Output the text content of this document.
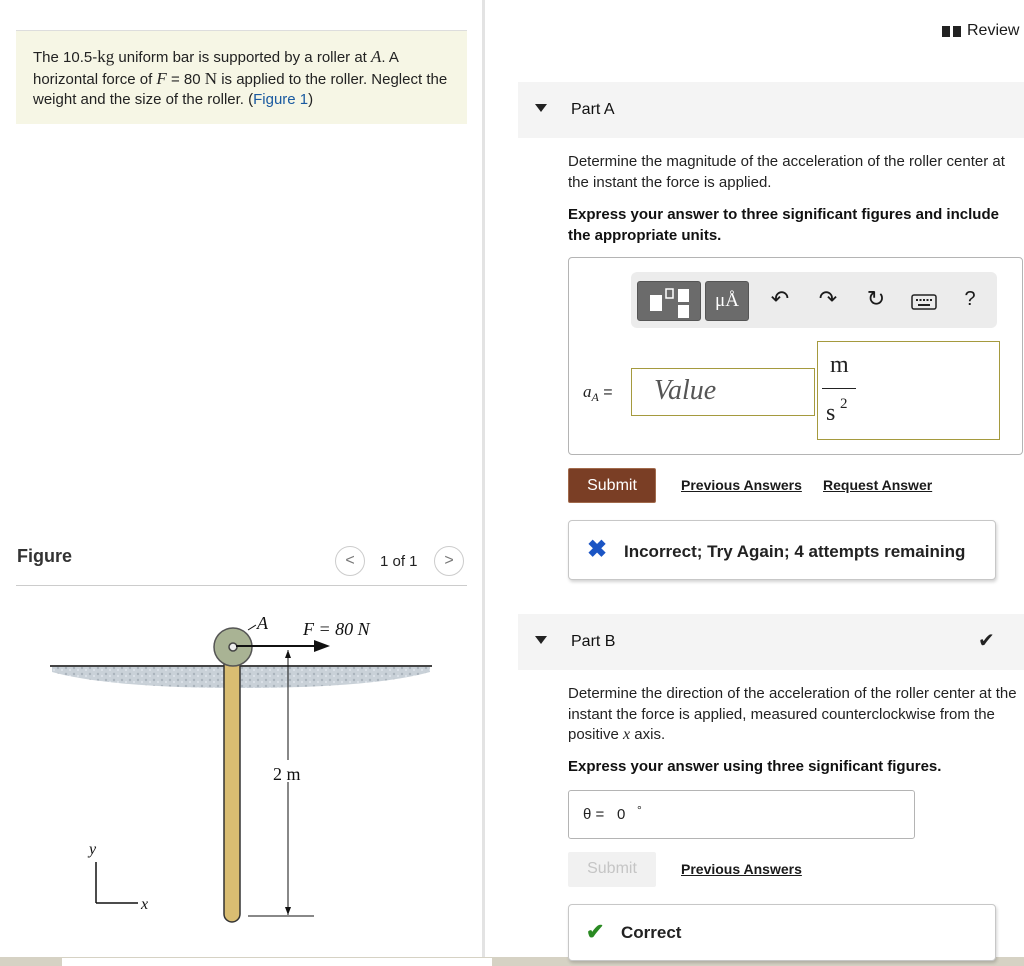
The 10.5-kg uniform bar is supported by a roller at A. A horizontal force of F = 80 N is applied to the roller. Neglect the weight and the size of the roller. (Figure 1)
Figure	<	1 of 1	>
A F = 80 N
2 m
y
x
Review
Part A
Determine the magnitude of the acceleration of the roller center at the instant the force is applied.
Express your answer to three significant figures and include the appropriate units.
μÅ	↶ ↷ ↻	?
$a_A$ =	Value
m
s 2
Submit	Previous Answers Request Answer
✖ Incorrect; Try Again; 4 attempts remaining
Part B	✔
Determine the direction of the acceleration of the roller center at the instant the force is applied, measured counterclockwise from the positive x axis.
Express your answer using three significant figures.
θ = 0 °
Submit	Previous Answers
✔ Correct
